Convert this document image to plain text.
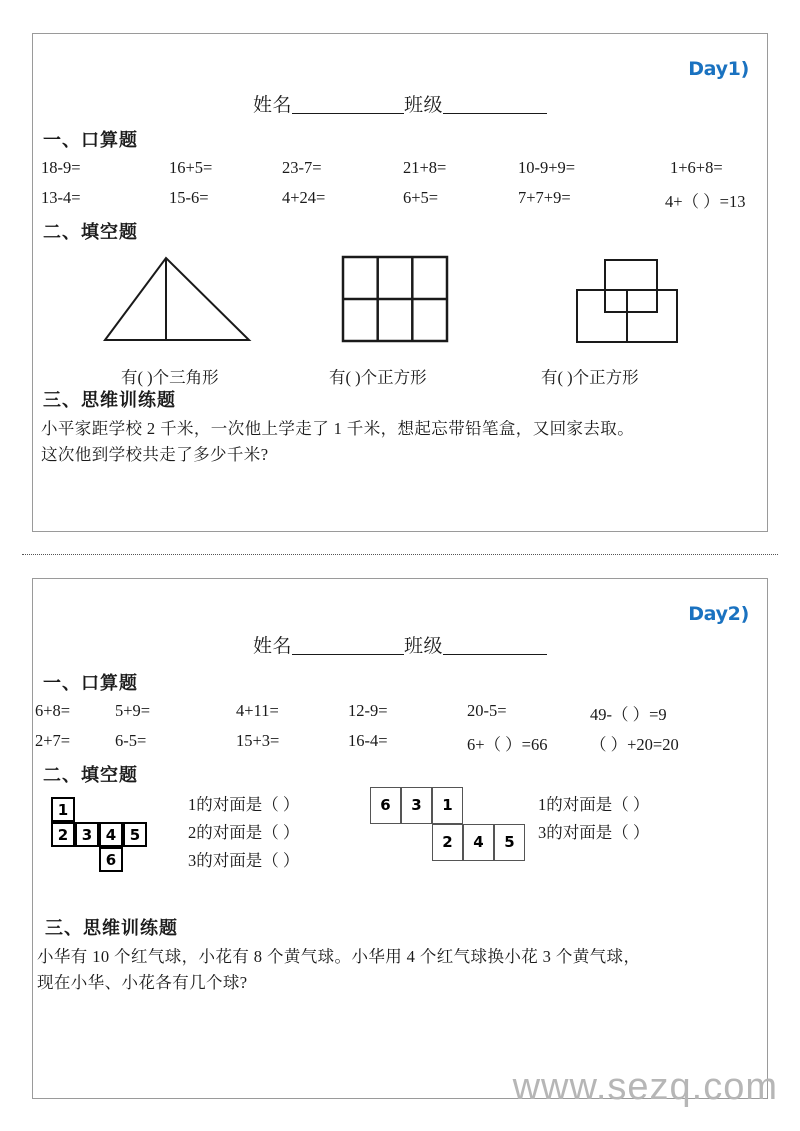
Day1)
姓名	班级
一、口算题
18-9=	16+5=	23-7=	21+8=	10-9+9=	1+6+8=
13-4=	15-6=	4+24=	6+5=	7+7+9=	4+（ ）=13
二、填空题
有( )个三角形	有( )个正方形	有( )个正方形
三、思维训练题
小平家距学校 2 千米，一次他上学走了 1 千米，想起忘带铅笔盒，又回家去取。
这次他到学校共走了多少千米?
Day2)
姓名	班级
一、口算题
6+8=	5+9=	4+11=	12-9=	20-5=	49-（ ）=9
2+7=	6-5=	15+3=	16-4=	6+（ ）=66	（ ）+20=20
二、填空题
1
2 3 4 5
6
1的对面是（ ）
2的对面是（ ）
3的对面是（ ）
6	3	1
2	4	5
1的对面是（ ）
3的对面是（ ）
三、思维训练题
小华有 10 个红气球，小花有 8 个黄气球。小华用 4 个红气球换小花 3 个黄气球，
现在小华、小花各有几个球?
www.sezq.com
